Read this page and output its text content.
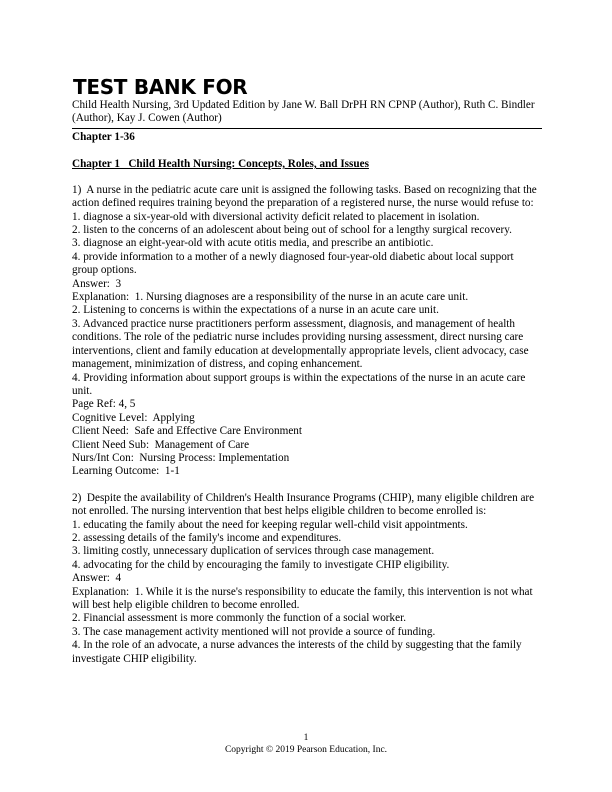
TEST BANK FOR
Child Health Nursing, 3rd Updated Edition by Jane W. Ball DrPH RN CPNP (Author), Ruth C. Bindler (Author), Kay J. Cowen (Author)
Chapter 1-36
Chapter 1   Child Health Nursing: Concepts, Roles, and Issues
1)  A nurse in the pediatric acute care unit is assigned the following tasks. Based on recognizing that the action defined requires training beyond the preparation of a registered nurse, the nurse would refuse to:
1. diagnose a six-year-old with diversional activity deficit related to placement in isolation.
2. listen to the concerns of an adolescent about being out of school for a lengthy surgical recovery.
3. diagnose an eight-year-old with acute otitis media, and prescribe an antibiotic.
4. provide information to a mother of a newly diagnosed four-year-old diabetic about local support group options.
Answer:  3
Explanation:  1. Nursing diagnoses are a responsibility of the nurse in an acute care unit.
2. Listening to concerns is within the expectations of a nurse in an acute care unit.
3. Advanced practice nurse practitioners perform assessment, diagnosis, and management of health conditions. The role of the pediatric nurse includes providing nursing assessment, direct nursing care interventions, client and family education at developmentally appropriate levels, client advocacy, case management, minimization of distress, and coping enhancement.
4. Providing information about support groups is within the expectations of the nurse in an acute care unit.
Page Ref: 4, 5
Cognitive Level:  Applying
Client Need:  Safe and Effective Care Environment
Client Need Sub:  Management of Care
Nurs/Int Con:  Nursing Process: Implementation
Learning Outcome:  1-1
2)  Despite the availability of Children's Health Insurance Programs (CHIP), many eligible children are not enrolled. The nursing intervention that best helps eligible children to become enrolled is:
1. educating the family about the need for keeping regular well-child visit appointments.
2. assessing details of the family's income and expenditures.
3. limiting costly, unnecessary duplication of services through case management.
4. advocating for the child by encouraging the family to investigate CHIP eligibility.
Answer:  4
Explanation:  1. While it is the nurse's responsibility to educate the family, this intervention is not what will best help eligible children to become enrolled.
2. Financial assessment is more commonly the function of a social worker.
3. The case management activity mentioned will not provide a source of funding.
4. In the role of an advocate, a nurse advances the interests of the child by suggesting that the family investigate CHIP eligibility.
1
Copyright © 2019 Pearson Education, Inc.
